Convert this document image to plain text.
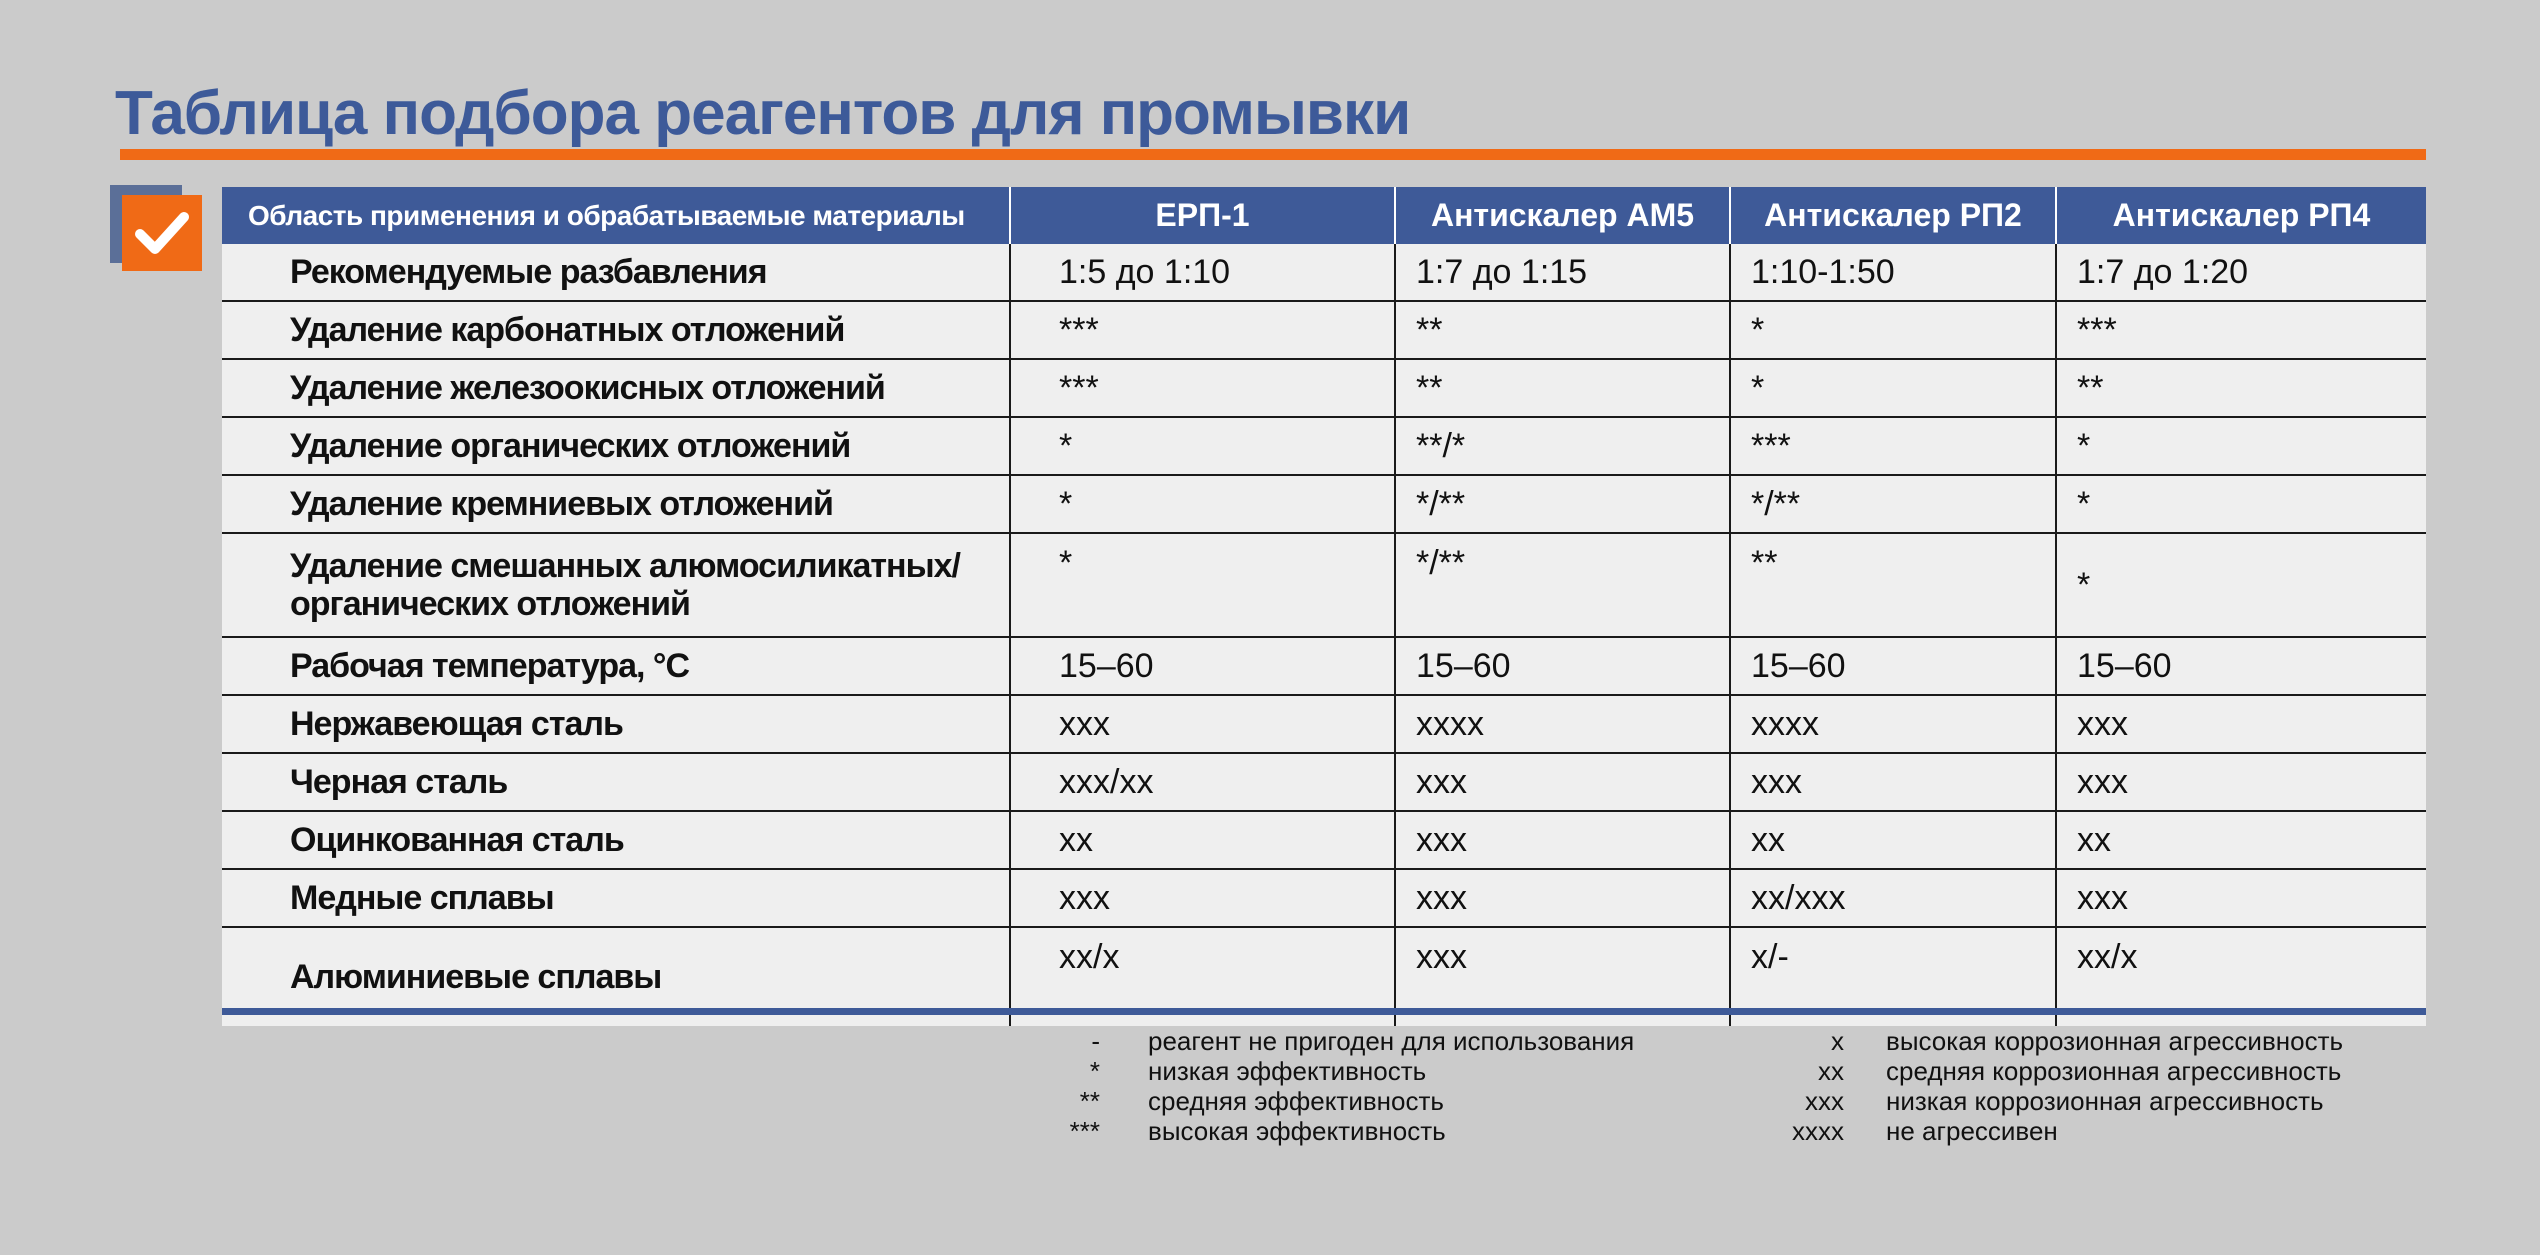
Таблица подбора реагентов для промывки
Область применения и обрабатываемые материалы	ЕРП-1	Антискалер АМ5	Антискалер РП2	Антискалер РП4
Рекомендуемые разбавления	1:5 до 1:10	1:7 до 1:15	1:10-1:50	1:7 до 1:20
Удаление карбонатных отложений	***	**	*	***
Удаление железоокисных отложений	***	**	*	**
Удаление органических отложений	*	**/*	***	*
Удаление кремниевых отложений	*	*/**	*/**	*

Удаление смешанных алюмосиликатных/
органических отложений	*	*/**	**	*
Рабочая температура, °С	15–60	15–60	15–60	15–60
Нержавеющая сталь	xxx	xxxx	xxxx	xxx
Черная сталь	xxx/xx	xxx	xxx	xxx
Оцинкованная сталь	xx	xxx	xx	xx
Медные сплавы	xxx	xxx	xx/xxx	xxx
Алюминиевые сплавы	xx/x	xxx	x/-	xx/x
- реагент не пригоден для использования
* низкая эффективность
** средняя эффективность
*** высокая эффективность
x высокая коррозионная агрессивность
xx средняя коррозионная агрессивность
xxx низкая коррозионная агрессивность
xxxx не агрессивен
